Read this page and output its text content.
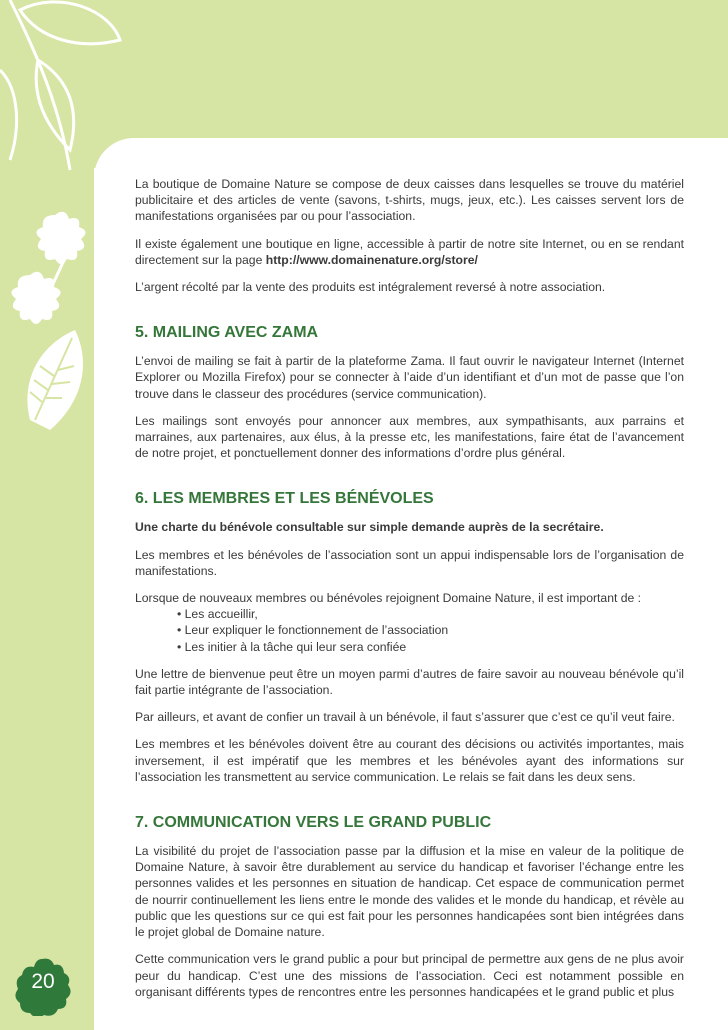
20

La boutique de Domaine Nature se compose de deux caisses dans lesquelles se trouve du matériel publicitaire et des articles de vente (savons, t-shirts, mugs, jeux, etc.). Les caisses servent lors de manifestations organisées par ou pour l’association.

Il existe également une boutique en ligne, accessible à partir de notre site Internet, ou en se rendant directement sur la page http://www.domainenature.org/store/

L’argent récolté par la vente des produits est intégralement reversé à notre association.

5. MAILING AVEC ZAMA

L’envoi de mailing se fait à partir de la plateforme Zama. Il faut ouvrir le navigateur Internet (Internet Explorer ou Mozilla Firefox) pour se connecter à l’aide d’un identifiant et d’un mot de passe que l’on trouve dans le classeur des procédures (service communication).

Les mailings sont envoyés pour annoncer aux membres, aux sympathisants, aux parrains et marraines, aux partenaires, aux élus, à la presse etc, les manifestations, faire état de l’avancement de notre projet, et ponctuellement donner des informations d’ordre plus général.

6. LES MEMBRES ET LES BÉNÉVOLES

Une charte du bénévole consultable sur simple demande auprès de la secrétaire.

Les membres et les bénévoles de l’association sont un appui indispensable lors de l’organisation de manifestations.

Lorsque de nouveaux membres ou bénévoles rejoignent Domaine Nature, il est important de :

• Les accueillir,
• Leur expliquer le fonctionnement de l’association
• Les initier à la tâche qui leur sera confiée

Une lettre de bienvenue peut être un moyen parmi d’autres de faire savoir au nouveau bénévole qu’il fait partie intégrante de l’association.

Par ailleurs, et avant de confier un travail à un bénévole, il faut s’assurer que c’est ce qu’il veut faire.

Les membres et les bénévoles doivent être au courant des décisions ou activités importantes, mais inversement, il est impératif que les membres et les bénévoles ayant des informations sur l’association les transmettent au service communication. Le relais se fait dans les deux sens.

7. COMMUNICATION VERS LE GRAND PUBLIC

La visibilité du projet de l’association passe par la diffusion et la mise en valeur de la politique de Domaine Nature, à savoir être durablement au service du handicap et favoriser l’échange entre les personnes valides et les personnes en situation de handicap. Cet espace de communication permet de nourrir continuellement les liens entre le monde des valides et le monde du handicap, et révèle au public que les questions sur ce qui est fait pour les personnes handicapées sont bien intégrées dans le projet global de Domaine nature.

Cette communication vers le grand public a pour but principal de permettre aux gens de ne plus avoir peur du handicap. C’est une des missions de l’association. Ceci est notamment possible en organisant différents types de rencontres entre les personnes handicapées et le grand public et plus
